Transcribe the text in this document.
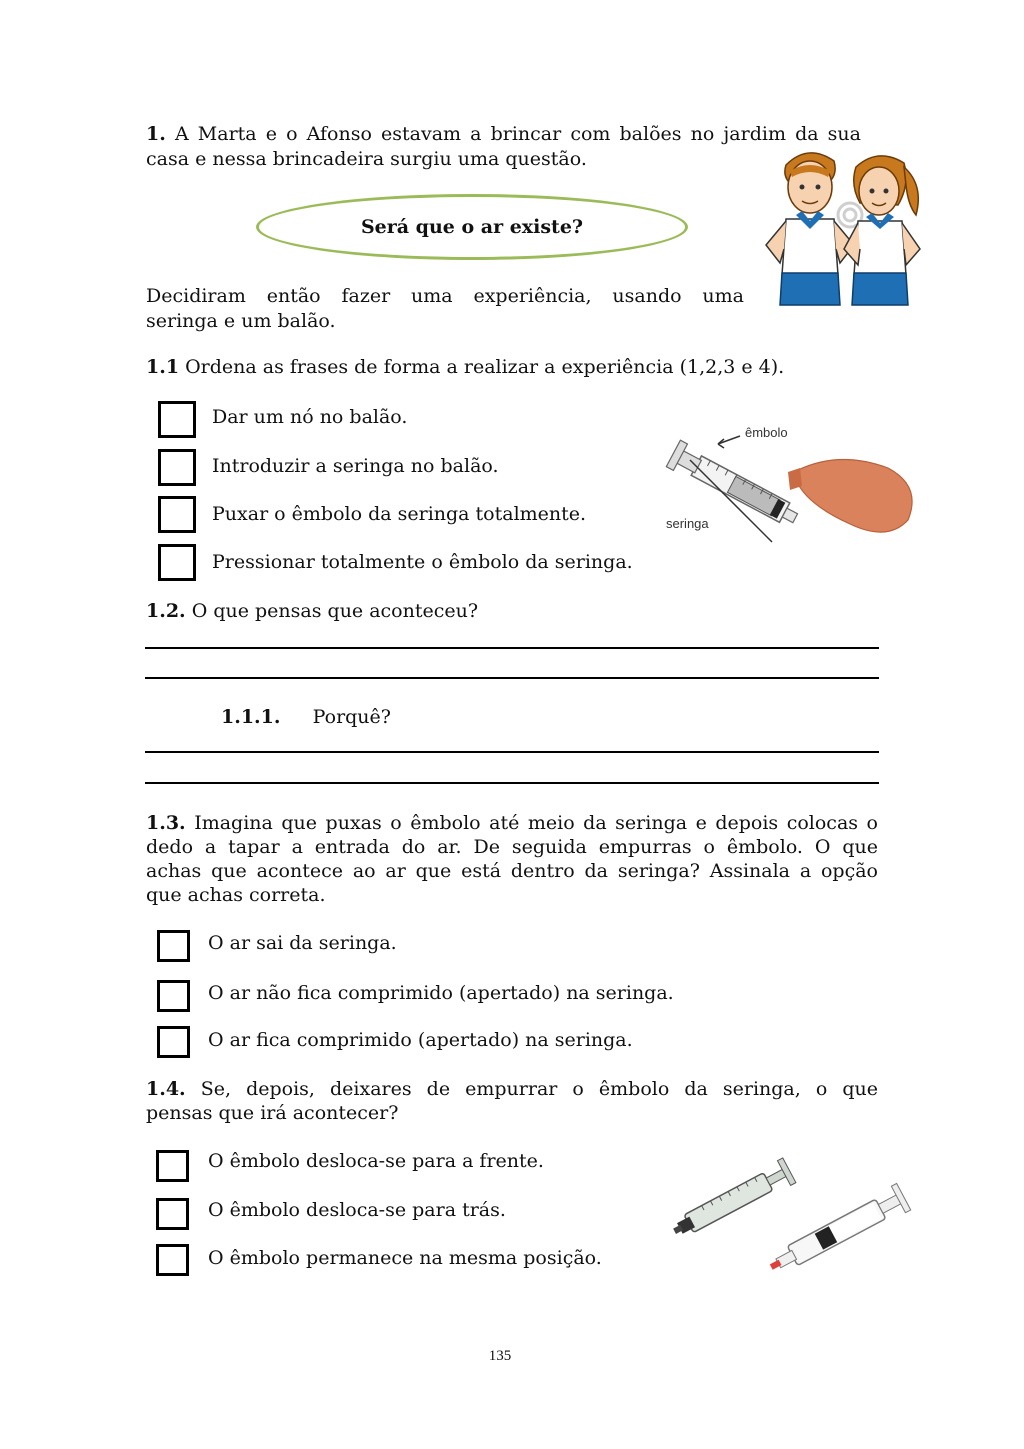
1. A Marta e o Afonso estavam a brincar com balões no jardim da sua
casa e nessa brincadeira surgiu uma questão.
Será que o ar existe?
Decidiram então fazer uma experiência, usando uma
seringa e um balão.
1.1 Ordena as frases de forma a realizar a experiência (1,2,3 e 4).
Dar um nó no balão.
Introduzir a seringa no balão.
Puxar o êmbolo da seringa totalmente.
Pressionar totalmente o êmbolo da seringa.
êmbolo
seringa
1.2. O que pensas que aconteceu?
1.1.1. Porquê?
1.3. Imagina que puxas o êmbolo até meio da seringa e depois colocas o
dedo a tapar a entrada do ar. De seguida empurras o êmbolo. O que
achas que acontece ao ar que está dentro da seringa? Assinala a opção
que achas correta.
O ar sai da seringa.
O ar não fica comprimido (apertado) na seringa.
O ar fica comprimido (apertado) na seringa.
1.4. Se, depois, deixares de empurrar o êmbolo da seringa, o que
pensas que irá acontecer?
O êmbolo desloca-se para a frente.
O êmbolo desloca-se para trás.
O êmbolo permanece na mesma posição.
135
